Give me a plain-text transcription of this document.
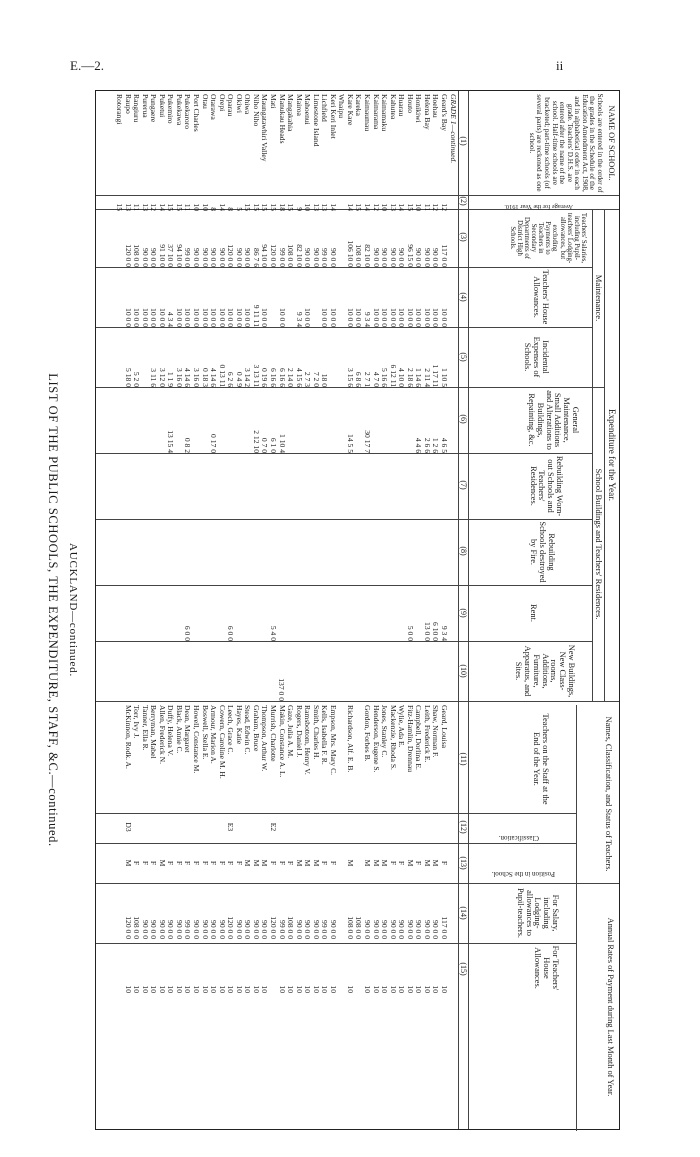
E.—2.	ii
LIST OF THE PUBLIC SCHOOLS, THE EXPENDITURE, STAFF, &C.—continued. AUCKLAND—continued.
NAME OF SCHOOL.
Schools are entered in the order of the grades in the Schedule of the Education Amendment Act, 1908, and in alphabetical order in each grade. Teachers' D.H.S. are entered after the name of the school. Half-time schools are bracketed; part-time schools (of several parts) are reckoned as one school.
Average for the Year 1910.
Expenditure for the Year.
Maintenance.
School Buildings and Teachers' Residences.
Teachers' Salaries, including Pupil-teachers' Lodging-allowances, but excluding Payments to Teachers in Secondary Departments of District High Schools.
Teachers' House Allowances.
Incidental Expenses of Schools.
General Maintenance, Small Additions and Alterations to Buildings, Repainting, &c.
Rebuilding Worn-out Schools and Teachers' Residences.
Rebuilding Schools destroyed by Fire.
Rent.
New Buildings, New Class-rooms, Additions, Furniture, Apparatus, and Sites.
Names, Classification, and Status of Teachers.
Teachers on the Staff at the End of the Year.
Classification.
Position in the School.
Annual Rates of Payment during Last Month of Year.
For Salary, including Lodging-allowances to Pupil-teachers.
For Teachers' House Allowances.
(1)
(2)
(3)
(4)
(5)
(6)
(7)
(8)
(9)
(10)
(11)
(12)
(13)
(14)
(15)
GRADE 1—continued.
Geard's Bay
12
117 0 0
10 0 0
1 10 5
4 6 5
9 3 4
Geard, Louisa
F
117 0 0
10
Hoehau
12
90 0 0
10 0 0
1 17 11
1 2 6
6 10 0
Shaw, Norman F.
M
90 0 0
10
Helena Bay
11
90 0 0
10 0 0
2 11 4
2 6 6
13 0 0
Leith, Frederick E.
M
90 0 0
10
Honikiwi
10
90 0 0
10 0 0
1 14 6
4 4 6
Campbell, Dorlina E.
F
90 0 0
10
Houto
15
96 15 0
10 0 0
2 18 6
5 0 0
Fitz-Hamlin, Drennau
M
90 0 0
10
Huarau
14
90 0 0
10 0 0
4 10 0
Wylie, Ada E.
F
90 0 0
10
Kahutea
13
90 0 0
10 0 0
6 12 11
Mackenzie, Rhoda S.
F
90 0 0
10
Kaimamaku
10
90 0 0
10 0 0
5 16 6
Jones, Stanley C.
M
90 0 0
10
Kaimarama
12
90 0 0
10 0 0
4 7 0
Henderson, Eugene S.
M
90 0 0
10
Kaimaumau
14
82 10 0
9 3 4
2 7 1
30 17 7
Gordon, Forbes B.
M
90 0 0
10
Kareka
15
108 0 0
10 0 0
6 8 6
108 0 0
Kare Kare
14
106 10 0
10 0 0
3 15 6
14 5 5
Richardson, Alf. E. B.
M
108 0 0
10
Whaipu
Keri Keri Inlet
14
90 0 0
10 0 0
Empson, Mrs. Mary C.
F
90 0 0
10
Lichfield
13
99 0 0
10 0 0
18 0
Kells, Isabella F. R.
F
99 0 0
10
Limestone Island
13
90 0 0
7 2 0
Smith, Charles H.
M
90 0 0
10
Mahoenui
10
90 0 0
10 0 0
2 7 3
Ramsbottom, Henry V.
M
90 0 0
10
Mairoa
9
82 10 0
9 3 4
4 15 6
Rogers, Daniel J.
M
90 0 0
10
Mangakahia
15
108 0 0
2 14 0
Gaze, Julia A. M.
F
108 0 0
10
Manukau Heads
18
99 0 0
10 0 0
6 16 6
1 10 4
Makin, Constance A. L.
F
99 0 0
10
Mati
15
120 0 0
6 16 6
6 1 0
5 4 0
Murrish, Charlotte
E2
F
120 0 0
Maungatawhiri Valley
15
94 10 0
10 0 0
0 19 6
0 7 0
Thompson, Arthur W.
M
90 0 0
10
Niho Niho
15
86 7 6
9 11 11
3 13 11
2 12 10
Graham, Bruce
M
90 0 0
10
Ohiwa
15
90 0 0
10 0 0
3 14 2
Stead, Edwin C.
M
90 0 0
10
Okiwi
5
90 0 0
10 0 0
0 4 9
Hayes, Katie
F
90 0 0
10
Oparau
8
120 0 0
10 0 0
6 2 6
6 0 0
Leech, Grace C.
E3
F
120 0 0
10
Orepi
14
90 0 0
10 0 0
0 13 11
Cowern, Caroline M. H.
F
90 0 0
10
Otarawa
8
90 0 0
10 0 0
4 14 6
0 17 0
Armour, Marion A.
F
90 0 0
10
Otau
10
90 0 0
10 0 0
0 18 3
Boswell, Stella E.
F
90 0 0
10
Port Charles
10
90 0 0
10 0 0
3 16 0
Howell, Constance M.
F
90 0 0
10
Pukekaroro
11
99 0 0
10 0 0
4 14 6
0 8 2
6 0 0
Dean, Margaret
F
99 0 0
10
Pukekawa
15
94 10 0
10 0 0
3 16 0
Black, Annie C.
F
90 0 0
10
Pukemiro
15
37 10 0
4 3 4
1 1 9
13 15 4
Duffy, Helena V.
F
90 0 0
10
Puketui
14
91 10 0
10 0 0
3 12 0
Allen, Frederick N.
M
90 0 0
10
Pungaere
12
90 0 0
10 0 0
3 11 6
Berryman, Mabel
F
90 0 0
10
Purerua
13
90 0 0
10 0 0
Tanner, Ella R.
F
90 0 0
10
Rangiuru
11
108 0 0
10 0 0
5 2 0
Torr, Ivy J.
F
108 0 0
10
Raupo
13
120 0 0
10 0 0
5 18 0
McKinnon, Rodk. A.
D3
M
120 0 0
10
Rotorangi
15
137 0 0
